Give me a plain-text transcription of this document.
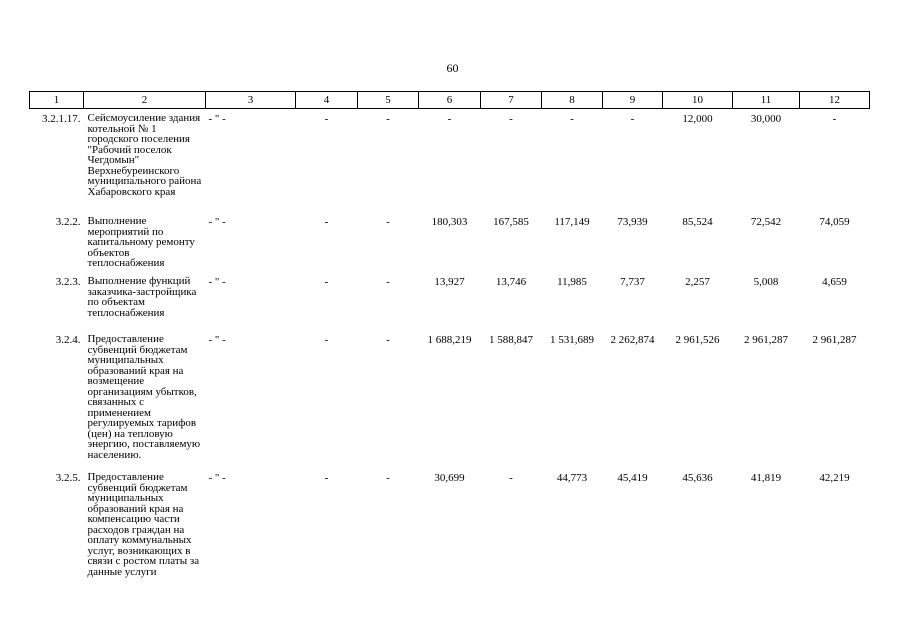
60
1	2	3	4	5	6	7	8	9	10	11	12
3.2.1.17.	Сейсмоусиление здания котельной № 1 городского поселения "Рабочий поселок Чегдомын" Верхнебуреинского муниципального района Хабаровского края	- " -	-	-	-	-	-	-	12,000	30,000	-
3.2.2.	Выполнение мероприятий по капитальному ремонту объектов теплоснабжения	- " -	-	-	180,303	167,585	117,149	73,939	85,524	72,542	74,059
3.2.3.	Выполнение функций заказчика-застройщика по объектам теплоснабжения	- " -	-	-	13,927	13,746	11,985	7,737	2,257	5,008	4,659
3.2.4.	Предоставление субвенций бюджетам муниципальных образований края на возмещение организациям убытков, связанных с применением регулируемых тарифов (цен) на тепловую энергию, поставляемую населению.	- " -	-	-	1 688,219	1 588,847	1 531,689	2 262,874	2 961,526	2 961,287	2 961,287
3.2.5.	Предоставление субвенций бюджетам муниципальных образований края на компенсацию части расходов граждан на оплату коммунальных услуг, возникающих в связи с ростом платы за данные услуги	- " -	-	-	30,699	-	44,773	45,419	45,636	41,819	42,219
